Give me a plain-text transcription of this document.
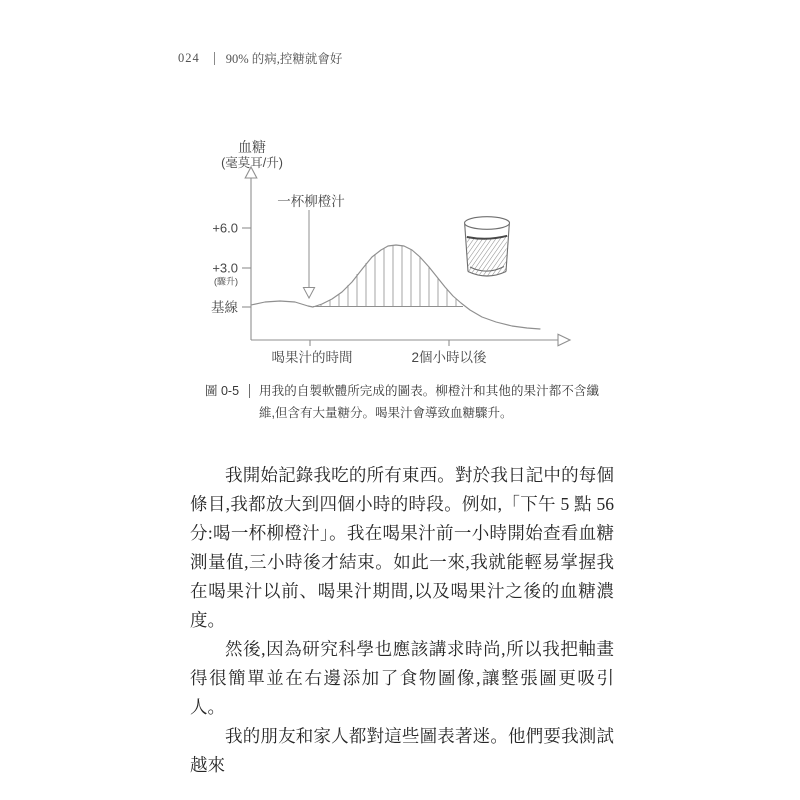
024 90% 的病,控糖就會好
血糖
(毫莫耳/升)
+6.0
+3.0
(驟升)
基線
喝果汁的時間	2個小時以後
一杯柳橙汁
圖 0-5 用我的自製軟體所完成的圖表。柳橙汁和其他的果汁都不含纖維,但含有大量糖分。喝果汁會導致血糖驟升。

我開始記錄我吃的所有東西。對於我日記中的每個條目,我都放大到四個小時的時段。例如,「下午 5 點 56 分:喝一杯柳橙汁」。我在喝果汁前一小時開始查看血糖測量值,三小時後才結束。如此一來,我就能輕易掌握我在喝果汁以前、喝果汁期間,以及喝果汁之後的血糖濃度。

然後,因為研究科學也應該講求時尚,所以我把軸畫得很簡單並在右邊添加了食物圖像,讓整張圖更吸引人。

我的朋友和家人都對這些圖表著迷。他們要我測試越來
